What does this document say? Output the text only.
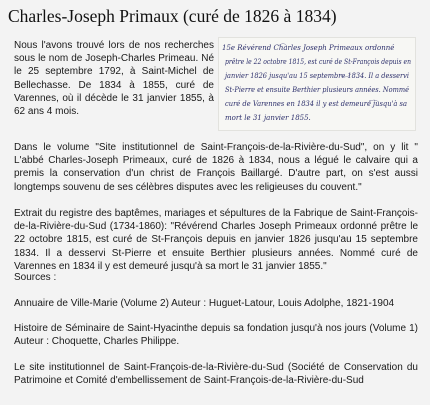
Charles-Joseph Primaux (curé de 1826 à 1834)
Nous l'avons trouvé lors de nos recherches sous le nom de Joseph-Charles Primeau. Né le 25 septembre 1792, à Saint-Michel de Bellechasse. De 1834 à 1855, curé de Varennes, où il décède le 31 janvier 1855, à 62 ans 4 mois.
15e Révérend Charles Joseph Primeaux ordonné
prêtre le 22 octobre 1815, est curé de St-François depuis en
janvier 1826 jusqu'au 15 septembre 1834. Il a desservi
St-Pierre et ensuite Berthier plusieurs années. Nommé
curé de Varennes en 1834 il y est demeuré jusqu'à sa
mort le 31 janvier 1855.
Dans le volume "Site institutionnel de Saint-François-de-la-Rivière-du-Sud", on y lit " L'abbé Charles-Joseph Primeaux, curé de 1826 à 1834, nous a légué le calvaire qui a premis la conservation d'un christ de François Baillargé. D'autre part, on s'est aussi longtemps souvenu de ses célèbres disputes avec les religieuses du couvent."
Extrait du registre des baptêmes, mariages et sépultures de la Fabrique de Saint-François-de-la-Rivière-du-Sud (1734-1860): "Révérend Charles Joseph Primeaux ordonné prêtre le 22 octobre 1815, est curé de St-François depuis en janvier 1826 jusqu'au 15 septembre 1834. Il a desservi St-Pierre et ensuite Berthier plusieurs années. Nommé curé de Varennes en 1834 il y est demeuré jusqu'à sa mort le 31 janvier 1855."
Sources :
Annuaire de Ville-Marie (Volume 2) Auteur : Huguet-Latour, Louis Adolphe, 1821-1904
Histoire de Séminaire de Saint-Hyacinthe depuis sa fondation jusqu'à nos jours (Volume 1) Auteur : Choquette, Charles Philippe.
Le site institutionnel de Saint-François-de-la-Rivière-du-Sud (Société de Conservation du Patrimoine et Comité d'embellissement de Saint-François-de-la-Rivière-du-Sud
